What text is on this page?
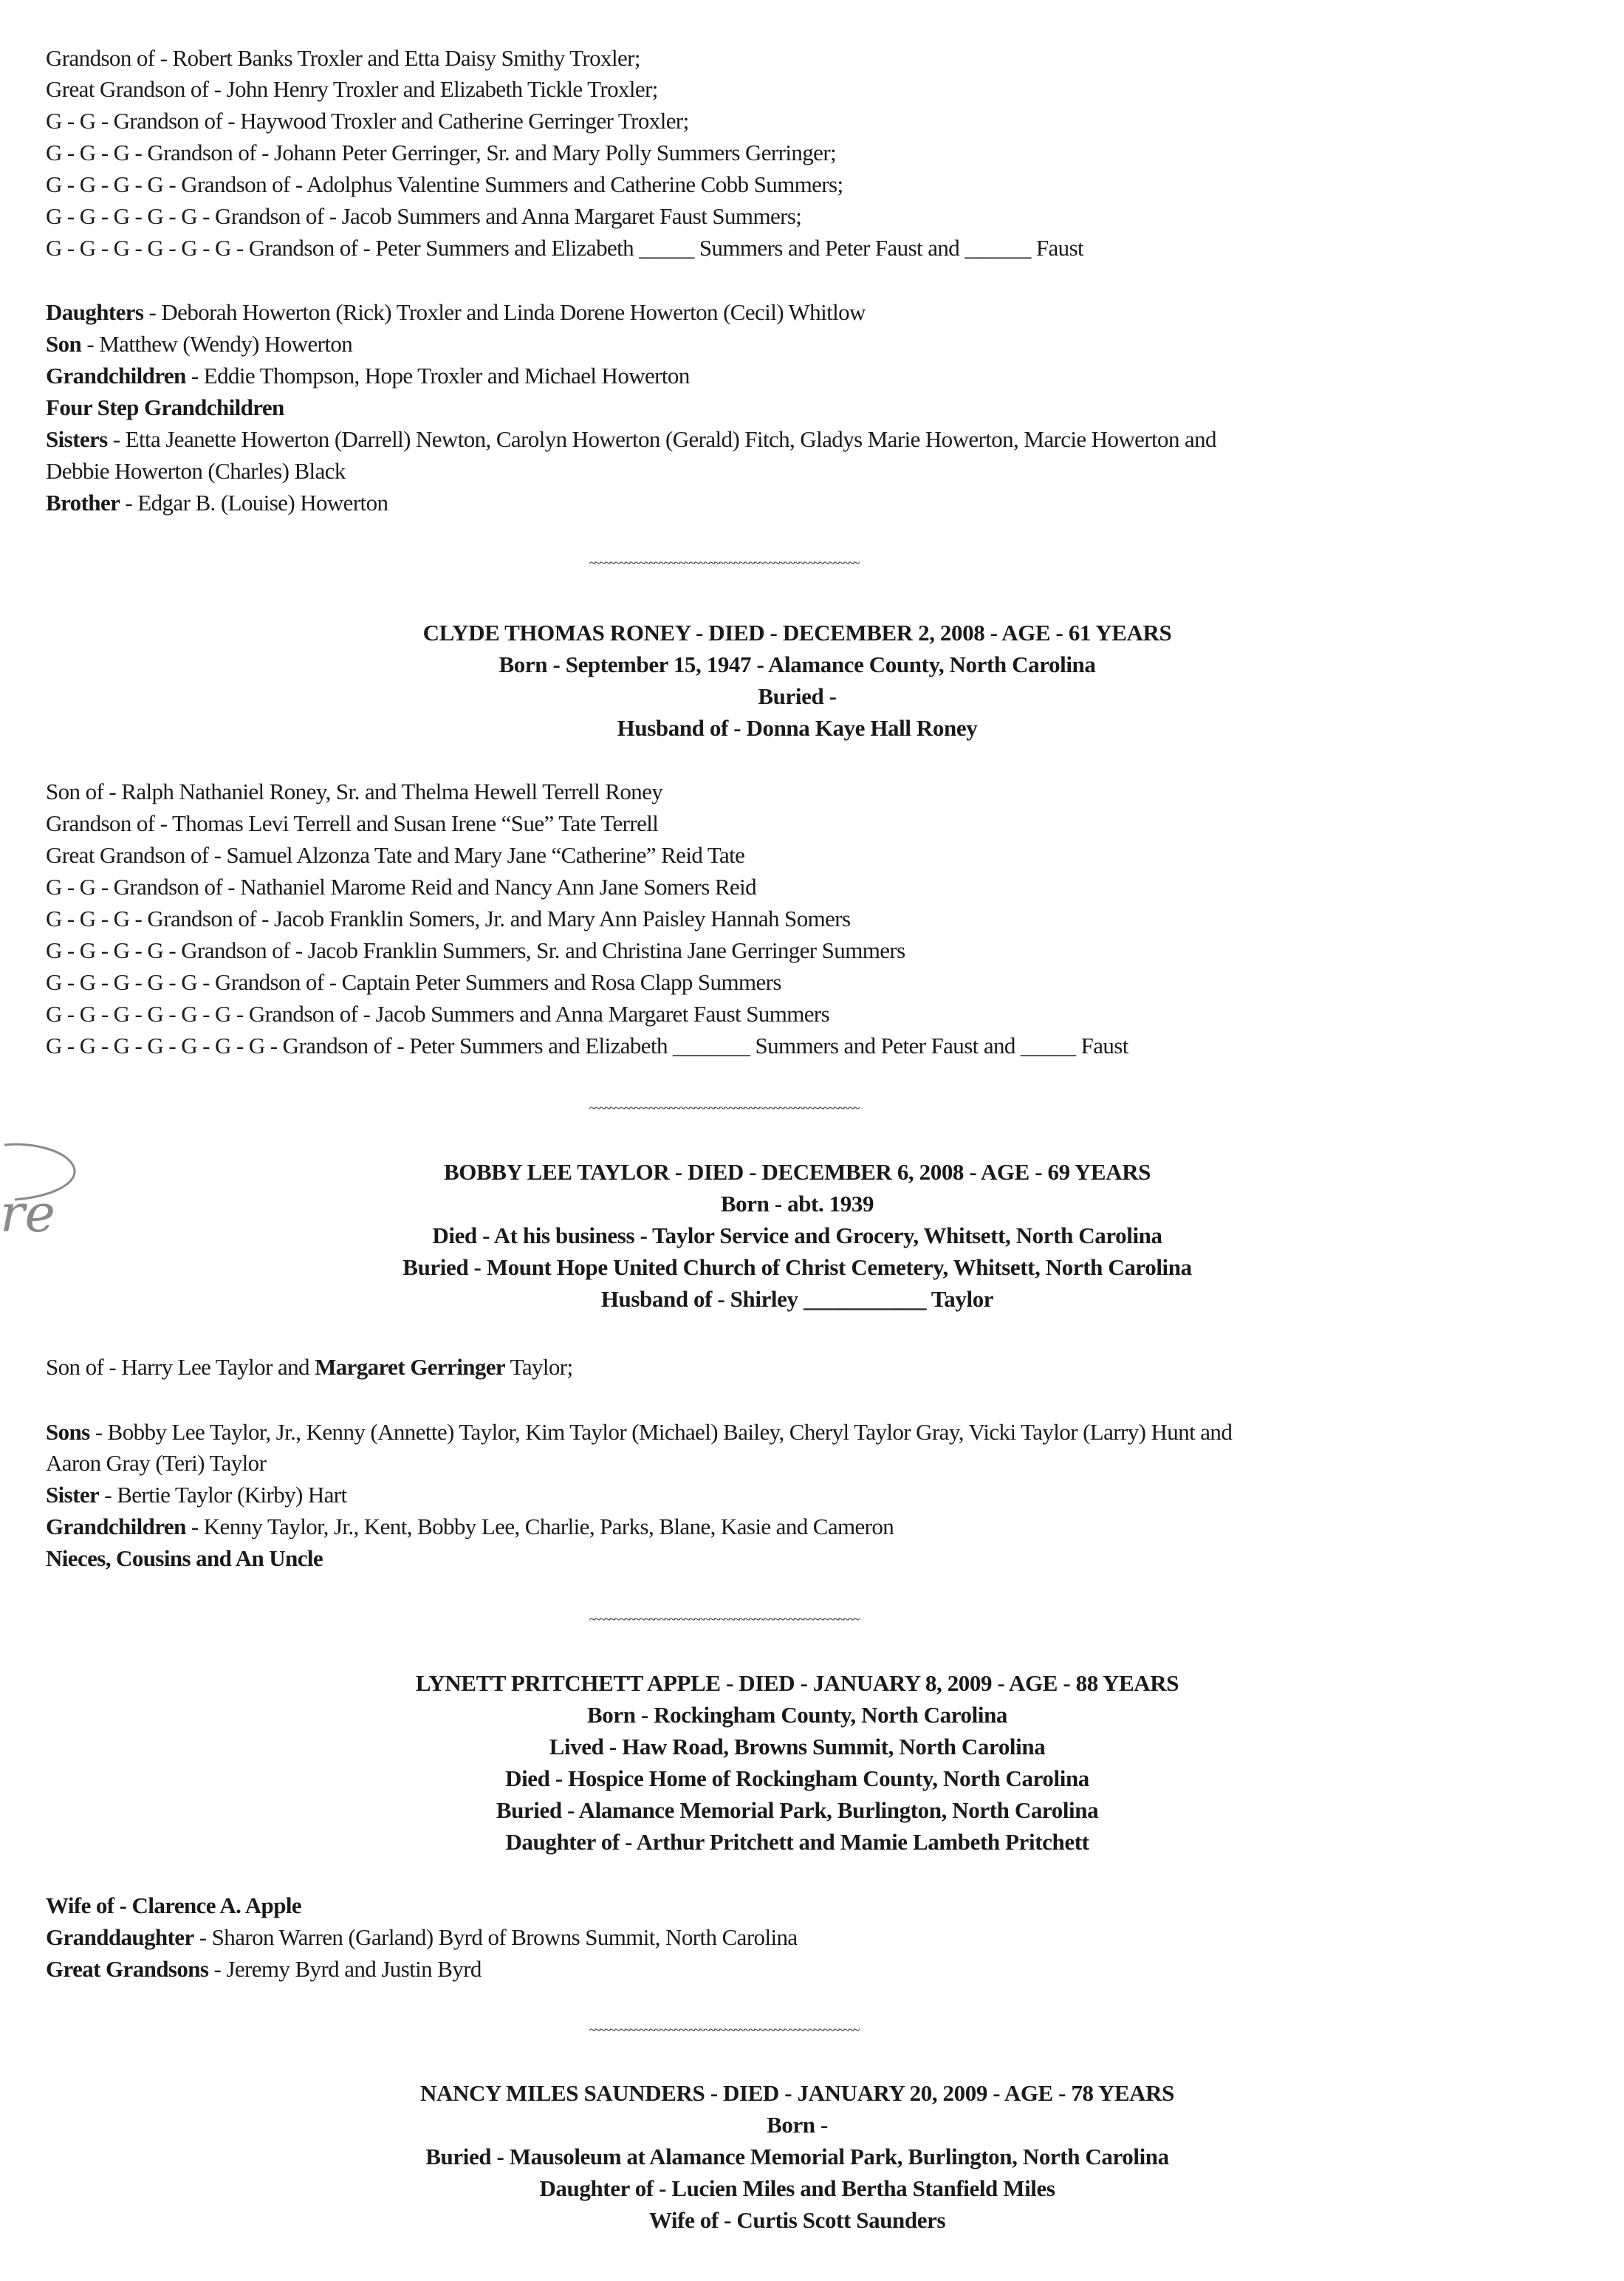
Grandson of - Robert Banks Troxler and Etta Daisy Smithy Troxler;
Great Grandson of - John Henry Troxler and Elizabeth Tickle Troxler;
G - G - Grandson of - Haywood Troxler and Catherine Gerringer Troxler;
G - G - G - Grandson of - Johann Peter Gerringer, Sr. and Mary Polly Summers Gerringer;
G - G - G - G - Grandson of - Adolphus Valentine Summers and Catherine Cobb Summers;
G - G - G - G - G - Grandson of - Jacob Summers and Anna Margaret Faust Summers;
G - G - G - G - G - G - Grandson of - Peter Summers and Elizabeth _____ Summers and Peter Faust and ______ Faust
Daughters - Deborah Howerton (Rick) Troxler and Linda Dorene Howerton (Cecil) Whitlow
Son - Matthew (Wendy) Howerton
Grandchildren - Eddie Thompson, Hope Troxler and Michael Howerton
Four Step Grandchildren
Sisters - Etta Jeanette Howerton (Darrell) Newton, Carolyn Howerton (Gerald) Fitch, Gladys Marie Howerton, Marcie Howerton and
Debbie Howerton (Charles) Black
Brother - Edgar B. (Louise) Howerton
~~~~~~~~~~~~~~~~~~~~~~~~~~~~~~~~~~~~~~~~~~~~~~~~~~~~~~
CLYDE THOMAS RONEY - DIED - DECEMBER 2, 2008 - AGE - 61 YEARS
Born - September 15, 1947 - Alamance County, North Carolina
Buried -
Husband of - Donna Kaye Hall Roney
Son of - Ralph Nathaniel Roney, Sr. and Thelma Hewell Terrell Roney
Grandson of - Thomas Levi Terrell and Susan Irene “Sue” Tate Terrell
Great Grandson of - Samuel Alzonza Tate and Mary Jane “Catherine” Reid Tate
G - G - Grandson of - Nathaniel Marome Reid and Nancy Ann Jane Somers Reid
G - G - G - Grandson of - Jacob Franklin Somers, Jr. and Mary Ann Paisley Hannah Somers
G - G - G - G - Grandson of - Jacob Franklin Summers, Sr. and Christina Jane Gerringer Summers
G - G - G - G - G - Grandson of - Captain Peter Summers and Rosa Clapp Summers
G - G - G - G - G - G - Grandson of - Jacob Summers and Anna Margaret Faust Summers
G - G - G - G - G - G - G - Grandson of - Peter Summers and Elizabeth _______ Summers and Peter Faust and _____ Faust
~~~~~~~~~~~~~~~~~~~~~~~~~~~~~~~~~~~~~~~~~~~~~~~~~~~~~~
re
BOBBY LEE TAYLOR - DIED - DECEMBER 6, 2008 - AGE - 69 YEARS
Born - abt. 1939
Died - At his business - Taylor Service and Grocery, Whitsett, North Carolina
Buried - Mount Hope United Church of Christ Cemetery, Whitsett, North Carolina
Husband of - Shirley ___________ Taylor
Son of - Harry Lee Taylor and Margaret Gerringer Taylor;
Sons - Bobby Lee Taylor, Jr., Kenny (Annette) Taylor, Kim Taylor (Michael) Bailey, Cheryl Taylor Gray, Vicki Taylor (Larry) Hunt and
Aaron Gray (Teri) Taylor
Sister - Bertie Taylor (Kirby) Hart
Grandchildren - Kenny Taylor, Jr., Kent, Bobby Lee, Charlie, Parks, Blane, Kasie and Cameron
Nieces, Cousins and An Uncle
~~~~~~~~~~~~~~~~~~~~~~~~~~~~~~~~~~~~~~~~~~~~~~~~~~~~~~
LYNETT PRITCHETT APPLE - DIED - JANUARY 8, 2009 - AGE - 88 YEARS
Born - Rockingham County, North Carolina
Lived - Haw Road, Browns Summit, North Carolina
Died - Hospice Home of Rockingham County, North Carolina
Buried - Alamance Memorial Park, Burlington, North Carolina
Daughter of - Arthur Pritchett and Mamie Lambeth Pritchett
Wife of - Clarence A. Apple
Granddaughter - Sharon Warren (Garland) Byrd of Browns Summit, North Carolina
Great Grandsons - Jeremy Byrd and Justin Byrd
~~~~~~~~~~~~~~~~~~~~~~~~~~~~~~~~~~~~~~~~~~~~~~~~~~~~~~
NANCY MILES SAUNDERS - DIED - JANUARY 20, 2009 - AGE - 78 YEARS
Born -
Buried - Mausoleum at Alamance Memorial Park, Burlington, North Carolina
Daughter of - Lucien Miles and Bertha Stanfield Miles
Wife of - Curtis Scott Saunders
